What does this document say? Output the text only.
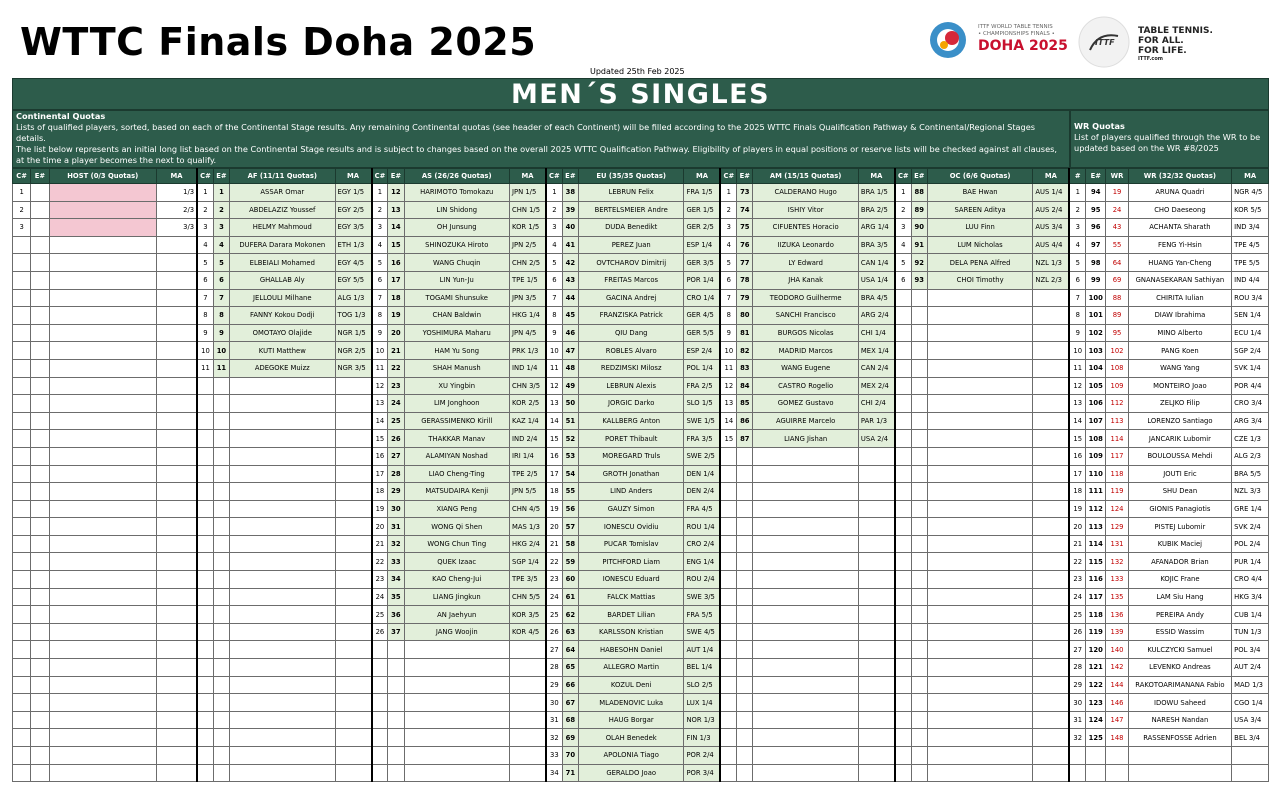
WTTC Finals Doha 2025
Updated 25th Feb 2025
ITTF WORLD TABLE TENNIS
• CHAMPIONSHIPS FINALS •
DOHA 2025	ITTF
TABLE TENNIS.
FOR ALL.
FOR LIFE.
ITTF.com
MEN´S SINGLES
Continental Quotas
Lists of qualified players, sorted, based on each of the Continental Stage results. Any remaining Continental quotas (see header of each Continent) will be filled according to the 2025 WTTC Finals Qualification Pathway & Continental/Regional Stages details.
The list below represents an initial long list based on the Continental Stage results and is subject to changes based on the overall 2025 WTTC Qualification Pathway. Eligibility of players in equal positions or reserve lists will be checked against all clauses, at the time a player becomes the next to qualify.
WR Quotas
List of players qualified through the WR to be updated based on the WR #8/2025
C#	E#	HOST (0/3 Quotas)	MA	C#	E#	AF (11/11 Quotas)	MA	C#	E#	AS (26/26 Quotas)	MA	C#	E#	EU (35/35 Quotas)	MA	C#	E#	AM (15/15 Quotas)	MA	C#	E#	OC (6/6 Quotas)	MA	#	E#	WR	WR (32/32 Quotas)	MA
1			1/3	1	1	ASSAR Omar	EGY 1/5	1	12	HARIMOTO Tomokazu	JPN 1/5	1	38	LEBRUN Felix	FRA 1/5	1	73	CALDERANO Hugo	BRA 1/5	1	88	BAE Hwan	AUS 1/4	1	94	19	ARUNA Quadri	NGR 4/5
2			2/3	2	2	ABDELAZIZ Youssef	EGY 2/5	2	13	LIN Shidong	CHN 1/5	2	39	BERTELSMEIER Andre	GER 1/5	2	74	ISHIY Vitor	BRA 2/5	2	89	SAREEN Aditya	AUS 2/4	2	95	24	CHO Daeseong	KOR 5/5
3			3/3	3	3	HELMY Mahmoud	EGY 3/5	3	14	OH Junsung	KOR 1/5	3	40	DUDA Benedikt	GER 2/5	3	75	CIFUENTES Horacio	ARG 1/4	3	90	LUU Finn	AUS 3/4	3	96	43	ACHANTA Sharath	IND 3/4
				4	4	DUFERA Darara Mokonen	ETH 1/3	4	15	SHINOZUKA Hiroto	JPN 2/5	4	41	PEREZ Juan	ESP 1/4	4	76	IIZUKA Leonardo	BRA 3/5	4	91	LUM Nicholas	AUS 4/4	4	97	55	FENG Yi-Hsin	TPE 4/5
				5	5	ELBEIALI Mohamed	EGY 4/5	5	16	WANG Chuqin	CHN 2/5	5	42	OVTCHAROV Dimitrij	GER 3/5	5	77	LY Edward	CAN 1/4	5	92	DELA PENA Alfred	NZL 1/3	5	98	64	HUANG Yan-Cheng	TPE 5/5
				6	6	GHALLAB Aly	EGY 5/5	6	17	LIN Yun-Ju	TPE 1/5	6	43	FREITAS Marcos	POR 1/4	6	78	JHA Kanak	USA 1/4	6	93	CHOI Timothy	NZL 2/3	6	99	69	GNANASEKARAN Sathiyan	IND 4/4
				7	7	JELLOULI Milhane	ALG 1/3	7	18	TOGAMI Shunsuke	JPN 3/5	7	44	GACINA Andrej	CRO 1/4	7	79	TEODORO Guilherme	BRA 4/5					7	100	88	CHIRITA Iulian	ROU 3/4
				8	8	FANNY Kokou Dodji	TOG 1/3	8	19	CHAN Baldwin	HKG 1/4	8	45	FRANZISKA Patrick	GER 4/5	8	80	SANCHI Francisco	ARG 2/4					8	101	89	DIAW Ibrahima	SEN 1/4
				9	9	OMOTAYO Olajide	NGR 1/5	9	20	YOSHIMURA Maharu	JPN 4/5	9	46	QIU Dang	GER 5/5	9	81	BURGOS Nicolas	CHI 1/4					9	102	95	MINO Alberto	ECU 1/4
				10	10	KUTI Matthew	NGR 2/5	10	21	HAM Yu Song	PRK 1/3	10	47	ROBLES Alvaro	ESP 2/4	10	82	MADRID Marcos	MEX 1/4					10	103	102	PANG Koen	SGP 2/4
				11	11	ADEGOKE Muizz	NGR 3/5	11	22	SHAH Manush	IND 1/4	11	48	REDZIMSKI Milosz	POL 1/4	11	83	WANG Eugene	CAN 2/4					11	104	108	WANG Yang	SVK 1/4
								12	23	XU Yingbin	CHN 3/5	12	49	LEBRUN Alexis	FRA 2/5	12	84	CASTRO Rogelio	MEX 2/4					12	105	109	MONTEIRO Joao	POR 4/4
								13	24	LIM Jonghoon	KOR 2/5	13	50	JORGIC Darko	SLO 1/5	13	85	GOMEZ Gustavo	CHI 2/4					13	106	112	ZELJKO Filip	CRO 3/4
								14	25	GERASSIMENKO Kirill	KAZ 1/4	14	51	KALLBERG Anton	SWE 1/5	14	86	AGUIRRE Marcelo	PAR 1/3					14	107	113	LORENZO Santiago	ARG 3/4
								15	26	THAKKAR Manav	IND 2/4	15	52	PORET Thibault	FRA 3/5	15	87	LIANG Jishan	USA 2/4					15	108	114	JANCARIK Lubomir	CZE 1/3
								16	27	ALAMIYAN Noshad	IRI 1/4	16	53	MOREGARD Truls	SWE 2/5									16	109	117	BOULOUSSA Mehdi	ALG 2/3
								17	28	LIAO Cheng-Ting	TPE 2/5	17	54	GROTH Jonathan	DEN 1/4									17	110	118	JOUTI Eric	BRA 5/5
								18	29	MATSUDAIRA Kenji	JPN 5/5	18	55	LIND Anders	DEN 2/4									18	111	119	SHU Dean	NZL 3/3
								19	30	XIANG Peng	CHN 4/5	19	56	GAUZY Simon	FRA 4/5									19	112	124	GIONIS Panagiotis	GRE 1/4
								20	31	WONG Qi Shen	MAS 1/3	20	57	IONESCU Ovidiu	ROU 1/4									20	113	129	PISTEJ Lubomir	SVK 2/4
								21	32	WONG Chun Ting	HKG 2/4	21	58	PUCAR Tomislav	CRO 2/4									21	114	131	KUBIK Maciej	POL 2/4
								22	33	QUEK Izaac	SGP 1/4	22	59	PITCHFORD Liam	ENG 1/4									22	115	132	AFANADOR Brian	PUR 1/4
								23	34	KAO Cheng-Jui	TPE 3/5	23	60	IONESCU Eduard	ROU 2/4									23	116	133	KOJIC Frane	CRO 4/4
								24	35	LIANG Jingkun	CHN 5/5	24	61	FALCK Mattias	SWE 3/5									24	117	135	LAM Siu Hang	HKG 3/4
								25	36	AN Jaehyun	KOR 3/5	25	62	BARDET Lilian	FRA 5/5									25	118	136	PEREIRA Andy	CUB 1/4
								26	37	JANG Woojin	KOR 4/5	26	63	KARLSSON Kristian	SWE 4/5									26	119	139	ESSID Wassim	TUN 1/3
												27	64	HABESOHN Daniel	AUT 1/4									27	120	140	KULCZYCKI Samuel	POL 3/4
												28	65	ALLEGRO Martin	BEL 1/4									28	121	142	LEVENKO Andreas	AUT 2/4
												29	66	KOZUL Deni	SLO 2/5									29	122	144	RAKOTOARIMANANA Fabio	MAD 1/3
												30	67	MLADENOVIC Luka	LUX 1/4									30	123	146	IDOWU Saheed	CGO 1/4
												31	68	HAUG Borgar	NOR 1/3									31	124	147	NARESH Nandan	USA 3/4
												32	69	OLAH Benedek	FIN 1/3									32	125	148	RASSENFOSSE Adrien	BEL 3/4
												33	70	APOLONIA Tiago	POR 2/4													
												34	71	GERALDO Joao	POR 3/4													
